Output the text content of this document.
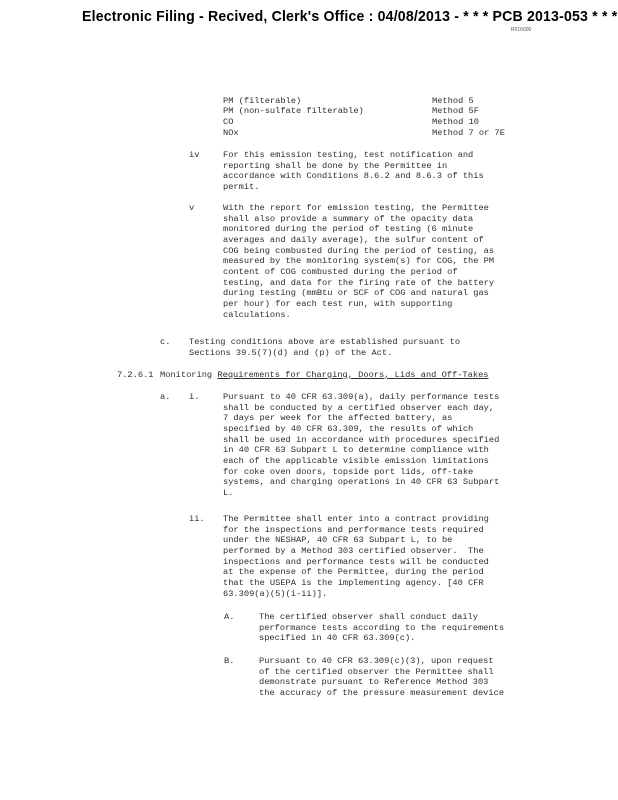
Electronic Filing - Recived, Clerk's Office : 04/08/2013 - * * * PCB 2013-053 * * *
R016000
PM (filterable)	Method 5
PM (non-sulfate filterable)	Method 5F
CO	Method 10
NOx	Method 7 or 7E
iv	For this emission testing, test notification and
reporting shall be done by the Permittee in
accordance with Conditions 8.6.2 and 8.6.3 of this
permit.
v	With the report for emission testing, the Permittee
shall also provide a summary of the opacity data
monitored during the period of testing (6 minute
averages and daily average), the sulfur content of
COG being combusted during the period of testing, as
measured by the monitoring system(s) for COG, the PM
content of COG combusted during the period of
testing, and data for the firing rate of the battery
during testing (mmBtu or SCF of COG and natural gas
per hour) for each test run, with supporting
calculations.
c. Testing conditions above are established pursuant to
Sections 39.5(7)(d) and (p) of the Act.
7.2.6.1 Monitoring Requirements for Charging, Doors, Lids and Off-Takes
a. i.	Pursuant to 40 CFR 63.309(a), daily performance tests
shall be conducted by a certified observer each day,
7 days per week for the affected battery, as
specified by 40 CFR 63.309, the results of which
shall be used in accordance with procedures specified
in 40 CFR 63 Subpart L to determine compliance with
each of the applicable visible emission limitations
for coke oven doors, topside port lids, off-take
systems, and charging operations in 40 CFR 63 Subpart
L.
ii. The Permittee shall enter into a contract providing
for the inspections and performance tests required
under the NESHAP, 40 CFR 63 Subpart L, to be
performed by a Method 303 certified observer.  The
inspections and performance tests will be conducted
at the expense of the Permittee, during the period
that the USEPA is the implementing agency. [40 CFR
63.309(a)(5)(i-ii)].
A.	The certified observer shall conduct daily
performance tests according to the requirements
specified in 40 CFR 63.309(c).
B.	Pursuant to 40 CFR 63.309(c)(3), upon request
of the certified observer the Permittee shall
demonstrate pursuant to Reference Method 303
the accuracy of the pressure measurement device
